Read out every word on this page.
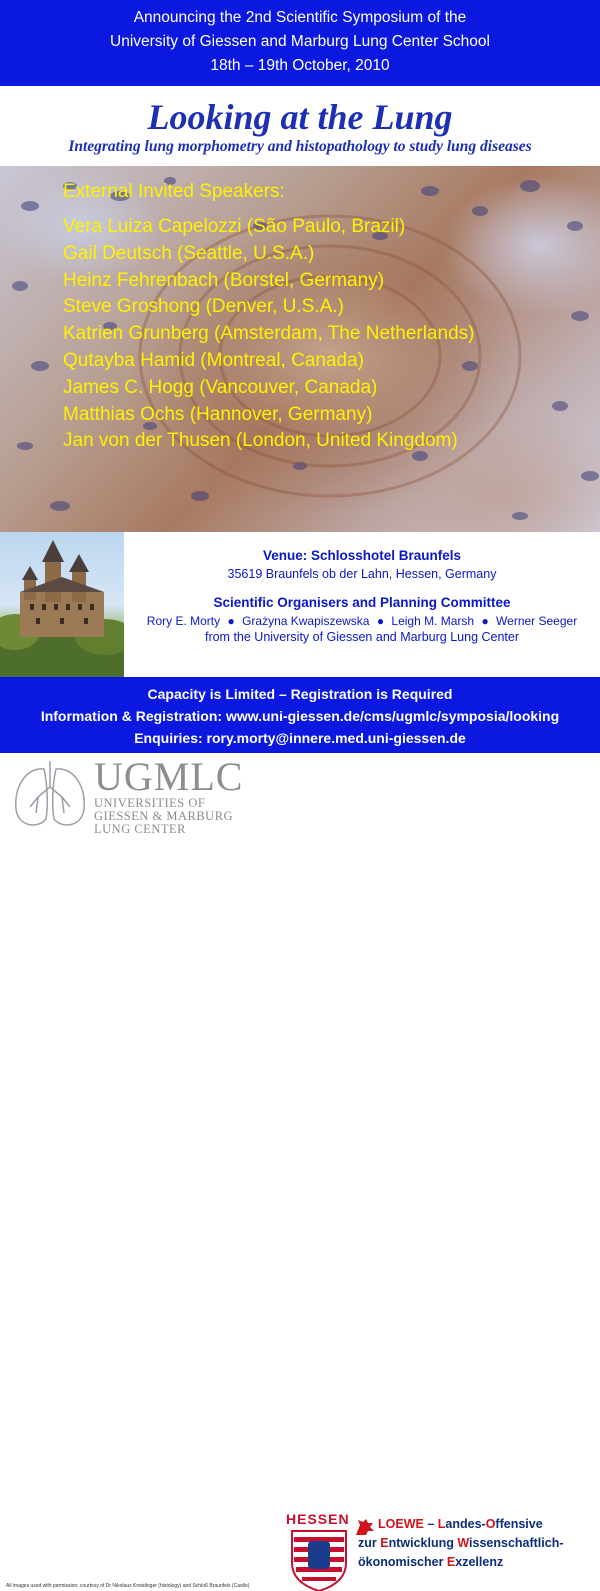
Announcing the 2nd Scientific Symposium of the
University of Giessen and Marburg Lung Center School
18th – 19th October, 2010
Looking at the Lung
Integrating lung morphometry and histopathology to study lung diseases
External Invited Speakers:
Vera Luiza Capelozzi (São Paulo, Brazil)
Gail Deutsch (Seattle, U.S.A.)
Heinz Fehrenbach (Borstel, Germany)
Steve Groshong (Denver, U.S.A.)
Katrien Grunberg (Amsterdam, The Netherlands)
Qutayba Hamid (Montreal, Canada)
James C. Hogg (Vancouver, Canada)
Matthias Ochs (Hannover, Germany)
Jan von der Thusen (London, United Kingdom)
Venue: Schlosshotel Braunfels
35619 Braunfels ob der Lahn, Hessen, Germany
Scientific Organisers and Planning Committee
Rory E. Morty ● Grażyna Kwapiszewska ● Leigh M. Marsh ● Werner Seeger
from the University of Giessen and Marburg Lung Center
Capacity is Limited – Registration is Required
Information & Registration: www.uni-giessen.de/cms/ugmlc/symposia/looking
Enquiries: rory.morty@innere.med.uni-giessen.de
UGMLC
UNIVERSITIES OF
GIESSEN & MARBURG
LUNG CENTER
All images used with permission: courtesy of Dr Nikolaus Kneidinger (histology) and Schloß Braunfels (Castle)
HESSEN	LOEWE – Landes-Offensive
zur Entwicklung Wissenschaftlich-
ökonomischer Exzellenz
